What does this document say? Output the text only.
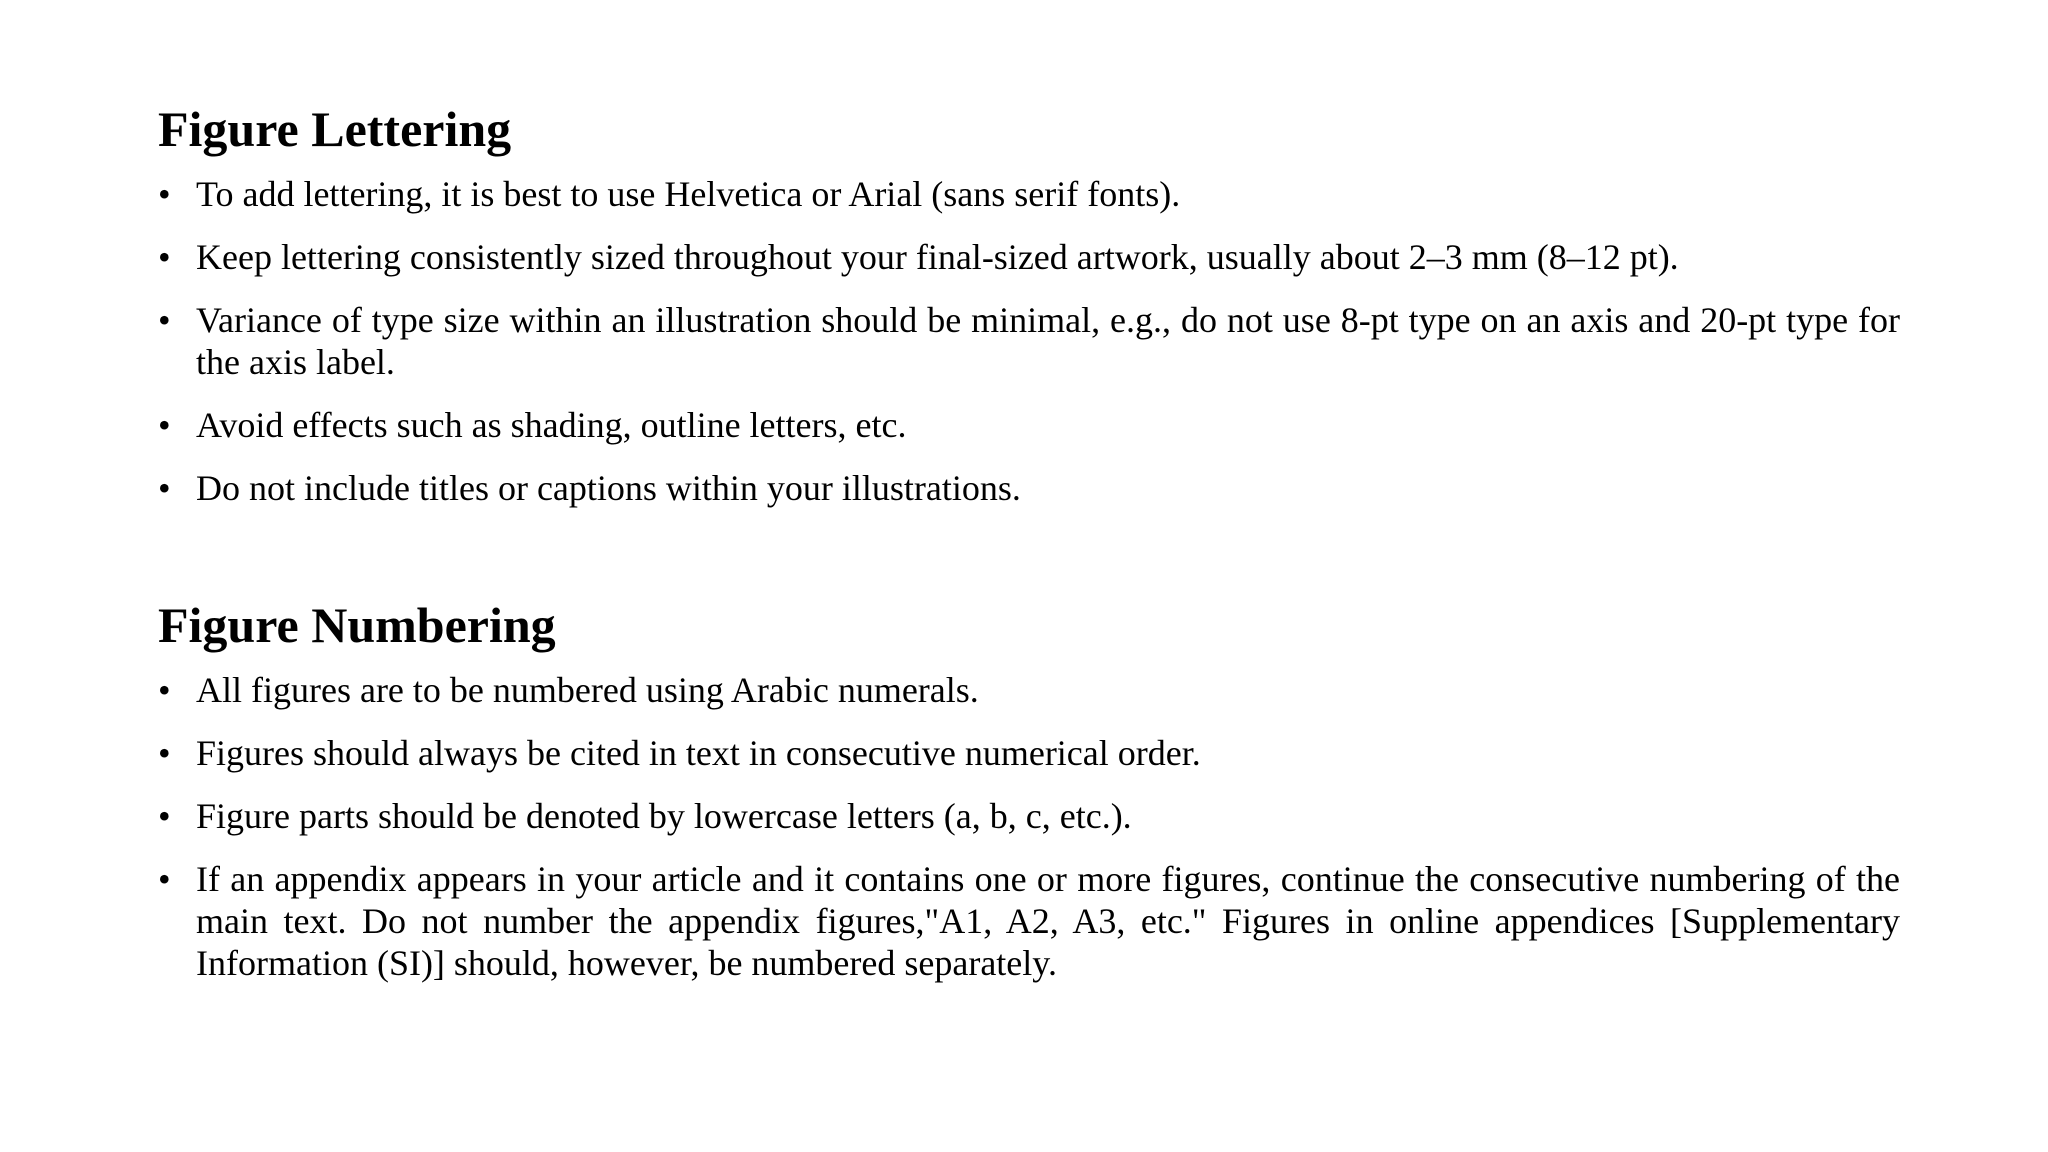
Figure Lettering
• To add lettering, it is best to use Helvetica or Arial (sans serif fonts).
• Keep lettering consistently sized throughout your final-sized artwork, usually about 2–3 mm (8–12 pt).
• Variance of type size within an illustration should be minimal, e.g., do not use 8-pt type on an axis and 20-pt type for the axis label.
• Avoid effects such as shading, outline letters, etc.
• Do not include titles or captions within your illustrations.
Figure Numbering
• All figures are to be numbered using Arabic numerals.
• Figures should always be cited in text in consecutive numerical order.
• Figure parts should be denoted by lowercase letters (a, b, c, etc.).
• If an appendix appears in your article and it contains one or more figures, continue the consecutive numbering of the main text. Do not number the appendix figures,"A1, A2, A3, etc." Figures in online appendices [Supplementary Information (SI)] should, however, be numbered separately.
